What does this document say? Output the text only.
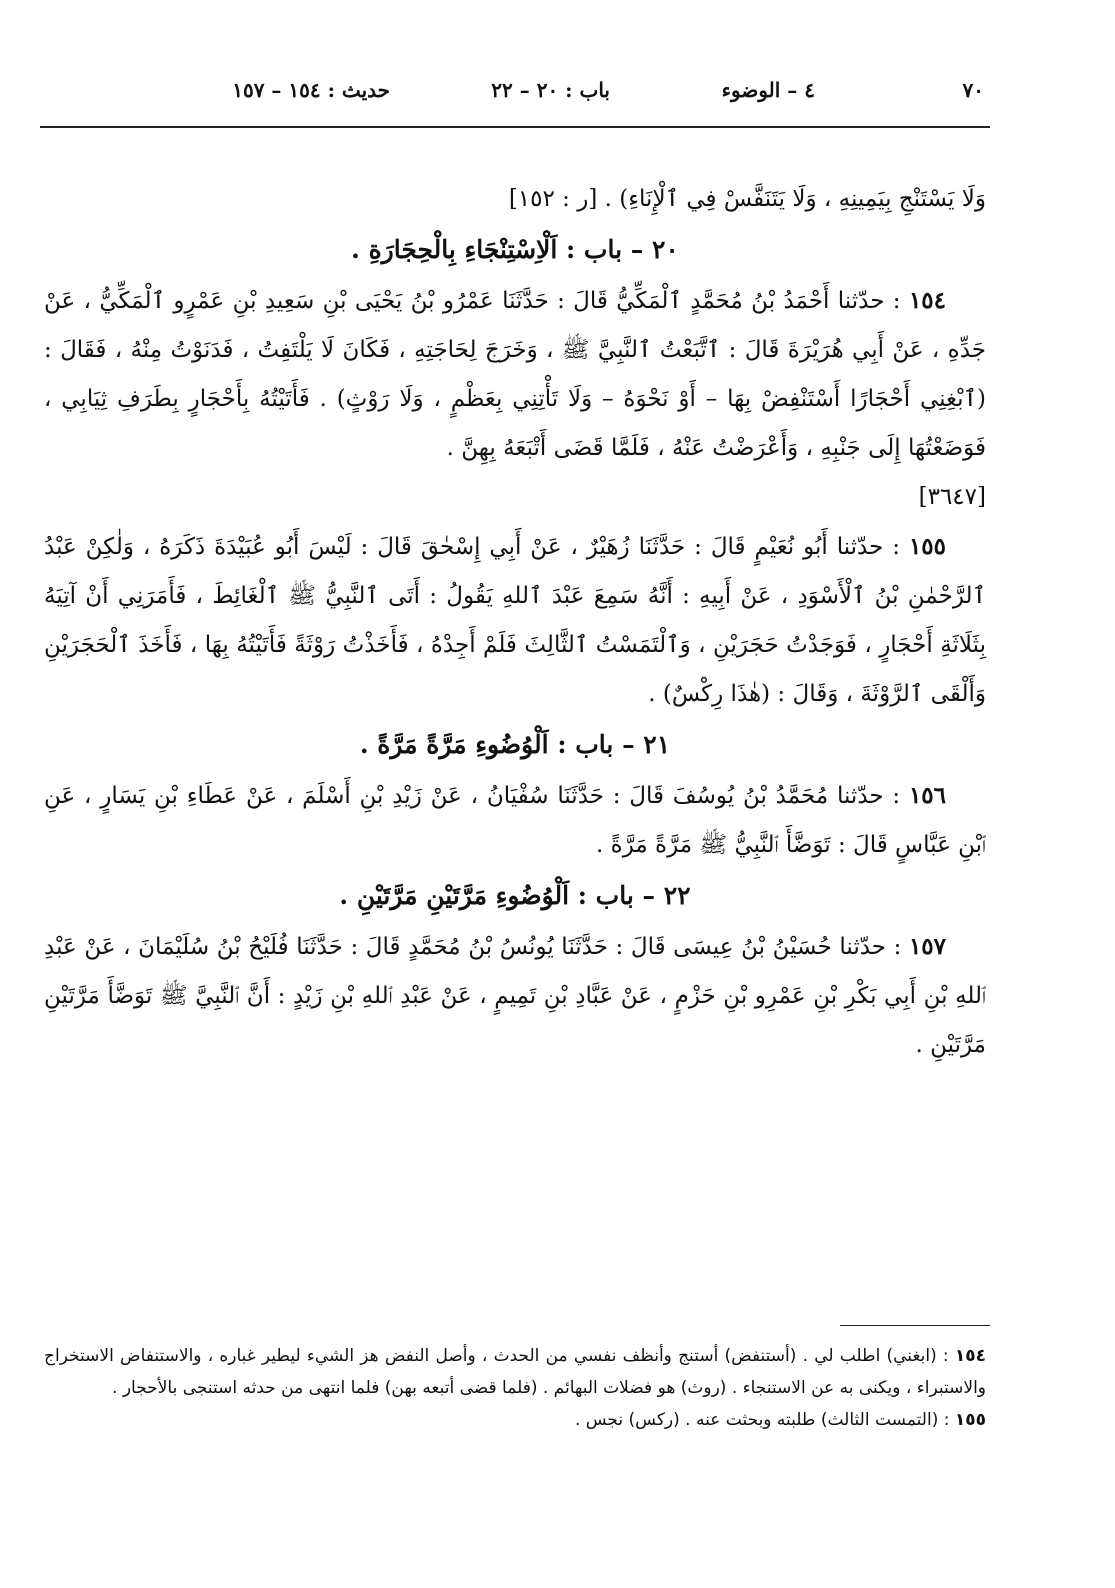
٧٠
٤ – الوضوء
باب : ٢٠ – ٢٢
حديث : ١٥٤ – ١٥٧

وَلَا يَسْتَنْجِ بِيَمِينِهِ ، وَلَا يَتَنَفَّسْ فِي ٱلْإِنَاءِ) . [ر : ١٥٢]

٢٠ – باب : اَلْاِسْتِنْجَاءِ بِالْحِجَارَةِ .

١٥٤ : حدّثنا أَحْمَدُ بْنُ مُحَمَّدٍ ٱلْمَكِّيُّ قَالَ : حَدَّثَنَا عَمْرُو بْنُ يَحْيَى بْنِ سَعِيدِ بْنِ عَمْرٍو ٱلْمَكِّيُّ ، عَنْ جَدِّهِ ، عَنْ أَبِي هُرَيْرَةَ قَالَ : ٱتَّبَعْتُ ٱلنَّبِيَّ ﷺ ، وَخَرَجَ لِحَاجَتِهِ ، فَكَانَ لَا يَلْتَفِتُ ، فَدَنَوْتُ مِنْهُ ، فَقَالَ : (ٱبْغِنِي أَحْجَارًا أَسْتَنْفِضْ بِهَا – أَوْ نَحْوَهُ – وَلَا تَأْتِنِي بِعَظْمٍ ، وَلَا رَوْثٍ) . فَأَتَيْتُهُ بِأَحْجَارٍ بِطَرَفِ ثِيَابِي ، فَوَضَعْتُهَا إِلَى جَنْبِهِ ، وَأَعْرَضْتُ عَنْهُ ، فَلَمَّا قَضَى أَتْبَعَهُ بِهِنَّ .

[٣٦٤٧]

١٥٥ : حدّثنا أَبُو نُعَيْمٍ قَالَ : حَدَّثَنَا زُهَيْرٌ ، عَنْ أَبِي إِسْحٰقَ قَالَ : لَيْسَ أَبُو عُبَيْدَةَ ذَكَرَهُ ، وَلٰكِنْ عَبْدُ ٱلرَّحْمٰنِ بْنُ ٱلْأَسْوَدِ ، عَنْ أَبِيهِ : أَنَّهُ سَمِعَ عَبْدَ ٱللهِ يَقُولُ : أَتَى ٱلنَّبِيُّ ﷺ ٱلْغَائِطَ ، فَأَمَرَنِي أَنْ آتِيَهُ بِثَلَاثَةِ أَحْجَارٍ ، فَوَجَدْتُ حَجَرَيْنِ ، وَٱلْتَمَسْتُ ٱلثَّالِثَ فَلَمْ أَجِدْهُ ، فَأَخَذْتُ رَوْثَةً فَأَتَيْتُهُ بِهَا ، فَأَخَذَ ٱلْحَجَرَيْنِ وَأَلْقَى ٱلرَّوْثَةَ ، وَقَالَ : (هٰذَا رِكْسٌ) .

٢١ – باب : اَلْوُضُوءِ مَرَّةً مَرَّةً .

١٥٦ : حدّثنا مُحَمَّدُ بْنُ يُوسُفَ قَالَ : حَدَّثَنَا سُفْيَانُ ، عَنْ زَيْدِ بْنِ أَسْلَمَ ، عَنْ عَطَاءِ بْنِ يَسَارٍ ، عَنِ ٱبْنِ عَبَّاسٍ قَالَ : تَوَضَّأَ ٱلنَّبِيُّ ﷺ مَرَّةً مَرَّةً .

٢٢ – باب : اَلْوُضُوءِ مَرَّتَيْنِ مَرَّتَيْنِ .

١٥٧ : حدّثنا حُسَيْنُ بْنُ عِيسَى قَالَ : حَدَّثَنَا يُونُسُ بْنُ مُحَمَّدٍ قَالَ : حَدَّثَنَا فُلَيْحُ بْنُ سُلَيْمَانَ ، عَنْ عَبْدِ ٱللهِ بْنِ أَبِي بَكْرِ بْنِ عَمْرِو بْنِ حَزْمٍ ، عَنْ عَبَّادِ بْنِ تَمِيمٍ ، عَنْ عَبْدِ ٱللهِ بْنِ زَيْدٍ : أَنَّ ٱلنَّبِيَّ ﷺ تَوَضَّأَ مَرَّتَيْنِ مَرَّتَيْنِ .

١٥٤ : (ابغني) اطلب لي . (أستنفض) أستنج وأنظف نفسي من الحدث ، وأصل النفض هز الشيء ليطير غباره ، والاستنفاض الاستخراج والاستبراء ، ويكنى به عن الاستنجاء . (روث) هو فضلات البهائم . (فلما قضى أتبعه بهن) فلما انتهى من حدثه استنجى بالأحجار .

١٥٥ : (التمست الثالث) طلبته وبحثت عنه . (ركس) نجس .
